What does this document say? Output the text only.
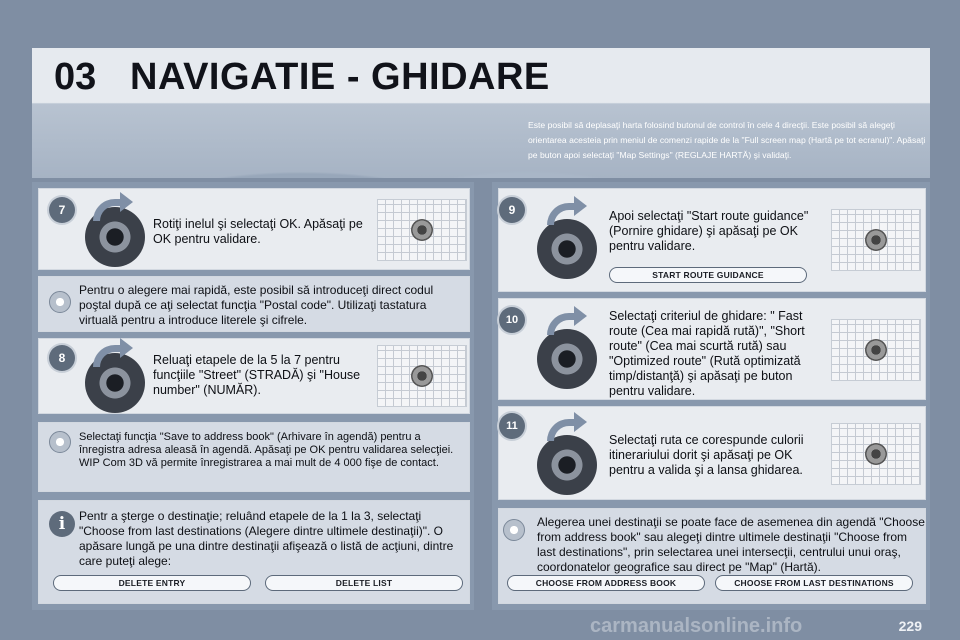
03 NAVIGATIE - GHIDARE
Este posibil să deplasaţi harta folosind butonul de control în cele 4 direcţii. Este posibil să alegeţi orientarea acesteia prin meniul de comenzi rapide de la "Full screen map (Hartă pe tot ecranul)". Apăsaţi pe buton apoi selectaţi "Map Settings" (REGLAJE HARTĂ) şi validaţi.
7
Rotiţi inelul şi selectaţi OK. Apăsaţi pe OK pentru validare.
Pentru o alegere mai rapidă, este posibil să introduceţi direct codul poştal după ce aţi selectat funcţia "Postal code". Utilizaţi tastatura virtuală pentru a introduce literele şi cifrele.
8	Reluaţi etapele de la 5 la 7 pentru funcţiile "Street" (STRADĂ) şi "House number" (NUMĂR).
Selectaţi funcţia "Save to address book" (Arhivare în agendă) pentru a înregistra adresa aleasă în agendă. Apăsaţi pe OK pentru validarea selecţiei. WIP Com 3D vă permite înregistrarea a mai mult de 4 000 fişe de contact.
i	Pentr a şterge o destinaţie; reluând etapele de la 1 la 3, selectaţi "Choose from last destinations (Alegere dintre ultimele destinaţii)". O apăsare lungă pe una dintre destinaţii afişează o listă de acţiuni, dintre care puteţi alege:
DELETE ENTRY	DELETE LIST
9	Apoi selectaţi "Start route guidance" (Pornire ghidare) şi apăsaţi pe OK pentru validare.
START ROUTE GUIDANCE
10	Selectaţi criteriul de ghidare: " Fast route (Cea mai rapidă rută)", "Short route" (Cea mai scurtă rută) sau "Optimized route" (Rută optimizată timp/distanţă) şi apăsaţi pe buton pentru validare.
11
Selectaţi ruta ce corespunde culorii itinerariului dorit şi apăsaţi pe OK pentru a valida şi a lansa ghidarea.
Alegerea unei destinaţii se poate face de asemenea din agendă "Choose from address book" sau alegeţi dintre ultimele destinaţii "Choose from last destinations", prin selectarea unei intersecţii, centrului unui oraş, coordonatelor geografice sau direct pe "Map" (Hartă).
CHOOSE FROM ADDRESS BOOK	CHOOSE FROM LAST DESTINATIONS
carmanualsonline.info	229
